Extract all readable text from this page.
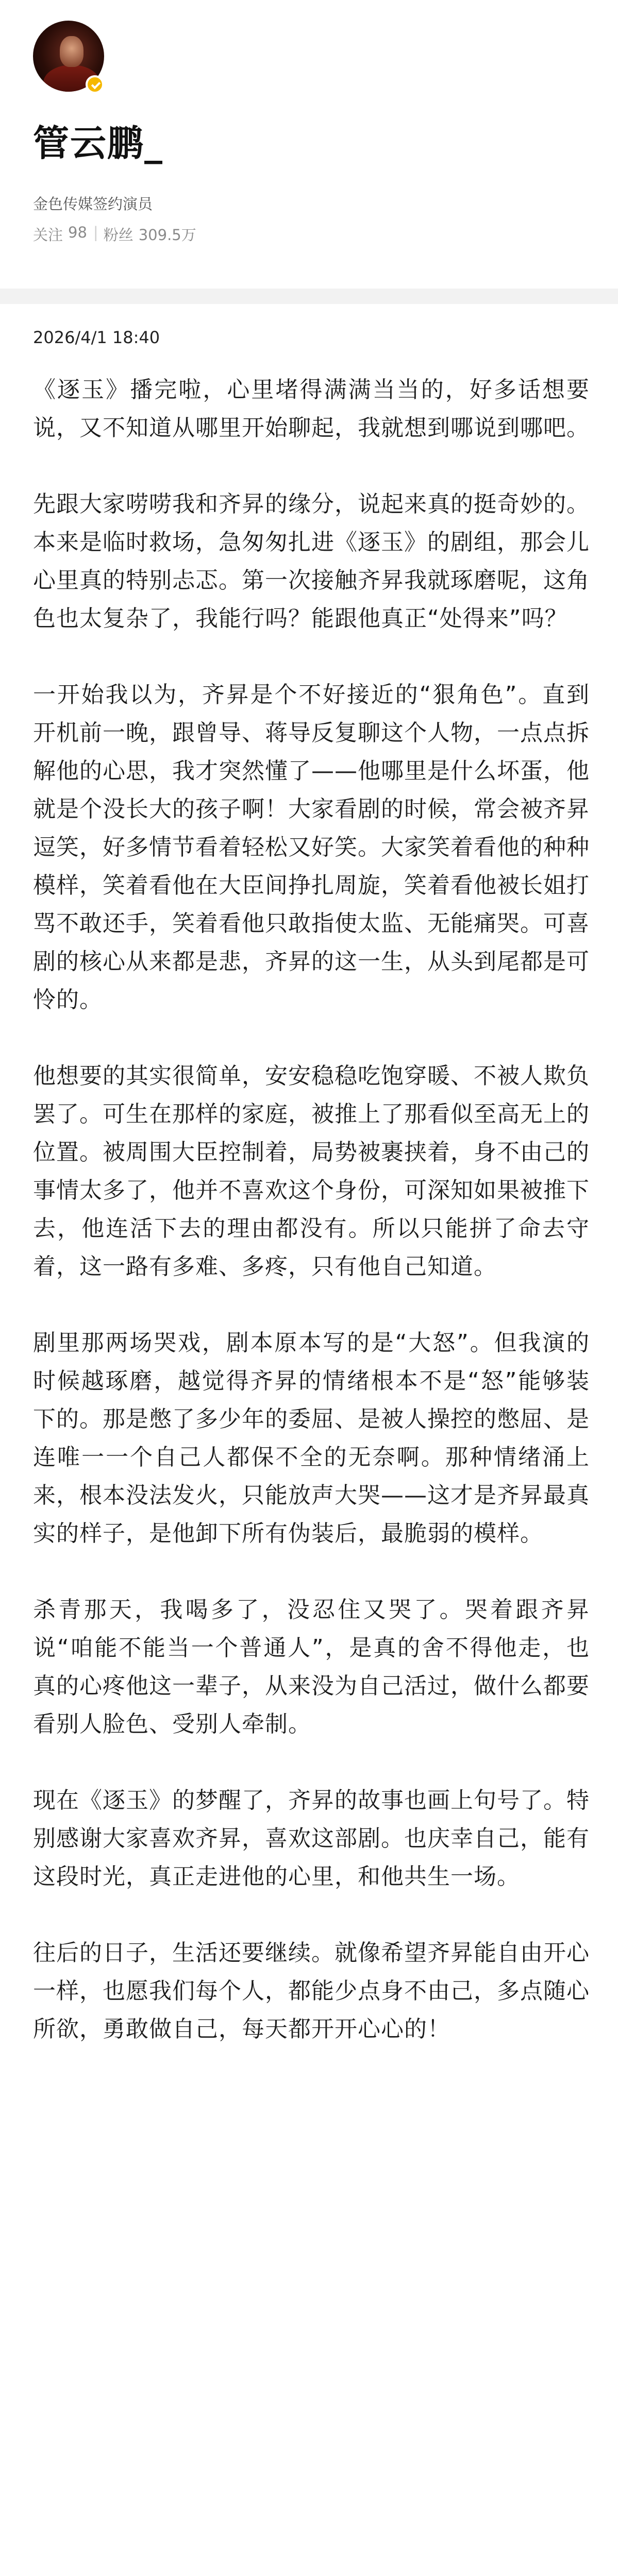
管云鹏_
金色传媒签约演员
关注 98 | 粉丝 309.5万
2026/4/1 18:40

《逐玉》播完啦，心里堵得满满当当的，好多话想要说，又不知道从哪里开始聊起，我就想到哪说到哪吧。

先跟大家唠唠我和齐昇的缘分，说起来真的挺奇妙的。本来是临时救场，急匆匆扎进《逐玉》的剧组，那会儿心里真的特别忐忑。第一次接触齐昇我就琢磨呢，这角色也太复杂了，我能行吗？能跟他真正“处得来”吗？

一开始我以为，齐昇是个不好接近的“狠角色”。直到开机前一晚，跟曾导、蒋导反复聊这个人物，一点点拆解他的心思，我才突然懂了——他哪里是什么坏蛋，他就是个没长大的孩子啊！大家看剧的时候，常会被齐昇逗笑，好多情节看着轻松又好笑。大家笑着看他的种种模样，笑着看他在大臣间挣扎周旋，笑着看他被长姐打骂不敢还手，笑着看他只敢指使太监、无能痛哭。可喜剧的核心从来都是悲，齐昇的这一生，从头到尾都是可怜的。

他想要的其实很简单，安安稳稳吃饱穿暖、不被人欺负罢了。可生在那样的家庭，被推上了那看似至高无上的位置。被周围大臣控制着，局势被裹挟着，身不由己的事情太多了，他并不喜欢这个身份，可深知如果被推下去，他连活下去的理由都没有。所以只能拼了命去守着，这一路有多难、多疼，只有他自己知道。

剧里那两场哭戏，剧本原本写的是“大怒”。但我演的时候越琢磨，越觉得齐昇的情绪根本不是“怒”能够装下的。那是憋了多少年的委屈、是被人操控的憋屈、是连唯一一个自己人都保不全的无奈啊。那种情绪涌上来，根本没法发火，只能放声大哭——这才是齐昇最真实的样子，是他卸下所有伪装后，最脆弱的模样。

杀青那天，我喝多了，没忍住又哭了。哭着跟齐昇说“咱能不能当一个普通人”，是真的舍不得他走，也真的心疼他这一辈子，从来没为自己活过，做什么都要看别人脸色、受别人牵制。

现在《逐玉》的梦醒了，齐昇的故事也画上句号了。特别感谢大家喜欢齐昇，喜欢这部剧。也庆幸自己，能有这段时光，真正走进他的心里，和他共生一场。

往后的日子，生活还要继续。就像希望齐昇能自由开心一样，也愿我们每个人，都能少点身不由己，多点随心所欲，勇敢做自己，每天都开开心心的！
